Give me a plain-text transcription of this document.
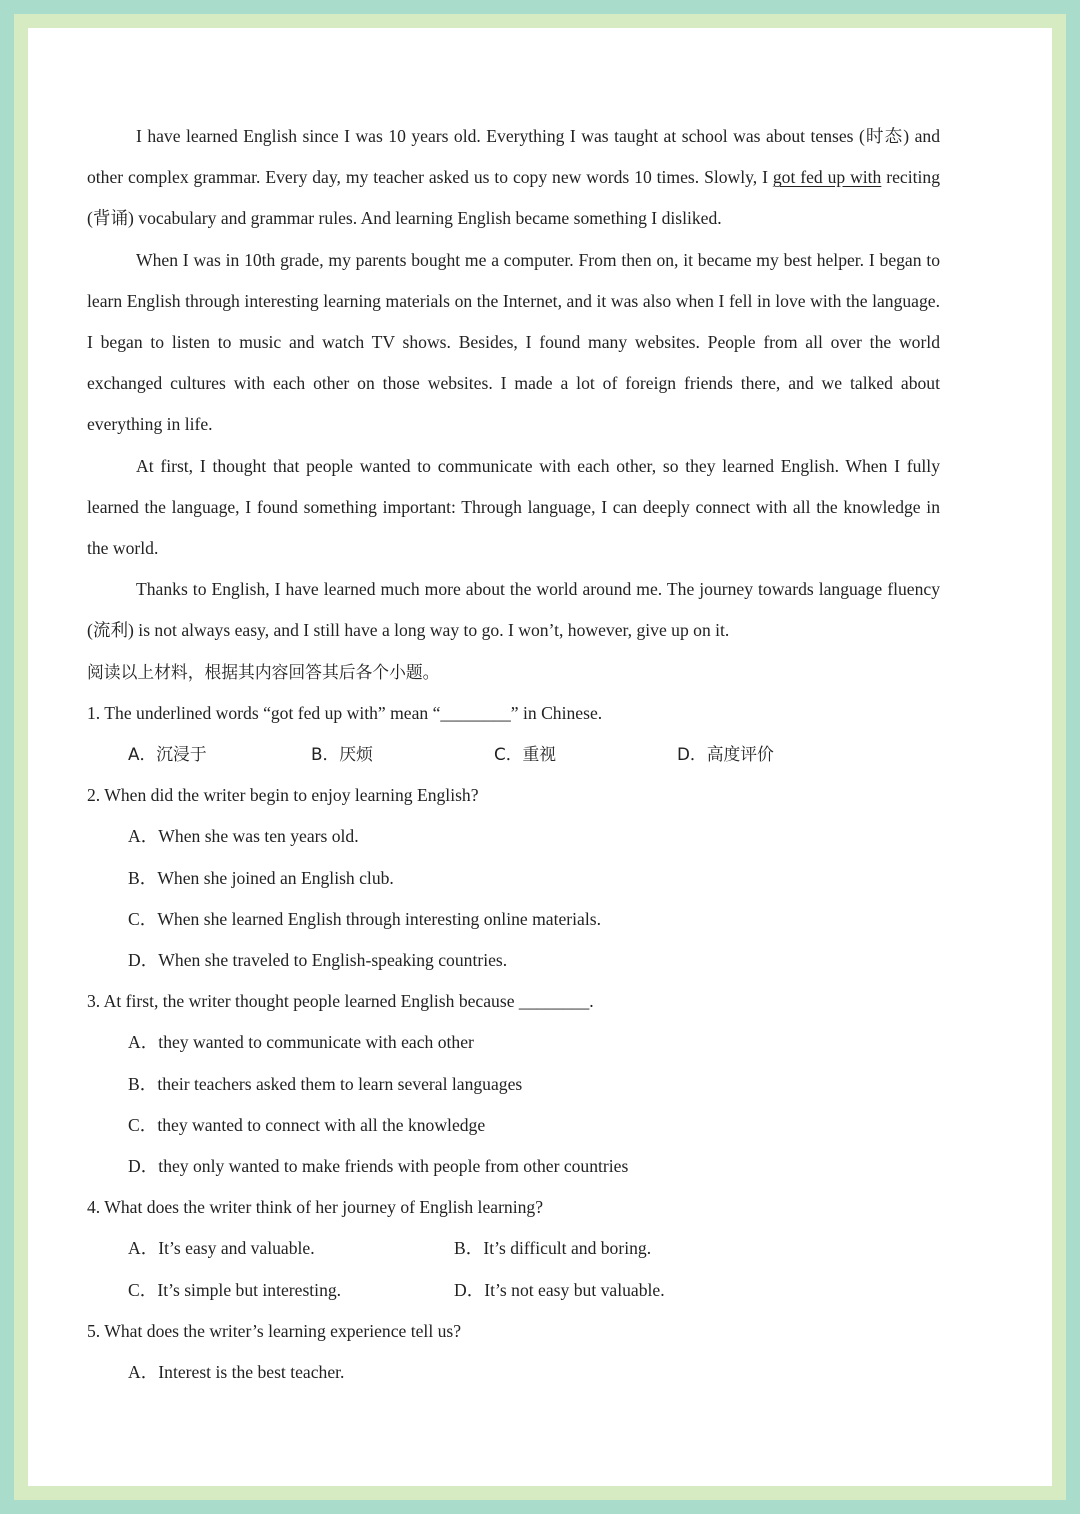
I have learned English since I was 10 years old. Everything I was taught at school was about tenses (时态) and other complex grammar. Every day, my teacher asked us to copy new words 10 times. Slowly, I got fed up with reciting (背诵) vocabulary and grammar rules. And learning English became something I disliked.

When I was in 10th grade, my parents bought me a computer. From then on, it became my best helper. I began to learn English through interesting learning materials on the Internet, and it was also when I fell in love with the language. I began to listen to music and watch TV shows. Besides, I found many websites. People from all over the world exchanged cultures with each other on those websites. I made a lot of foreign friends there, and we talked about everything in life.

At first, I thought that people wanted to communicate with each other, so they learned English. When I fully learned the language, I found something important: Through language, I can deeply connect with all the knowledge in the world.

Thanks to English, I have learned much more about the world around me. The journey towards language fluency (流利) is not always easy, and I still have a long way to go. I won’t, however, give up on it.

阅读以上材料，根据其内容回答其后各个小题。

1. The underlined words “got fed up with” mean “________” in Chinese.

A．沉浸于	B．厌烦	C．重视	D．高度评价

2. When did the writer begin to enjoy learning English?

A．When she was ten years old.

B．When she joined an English club.

C．When she learned English through interesting online materials.

D．When she traveled to English-speaking countries.

3. At first, the writer thought people learned English because ________.

A．they wanted to communicate with each other

B．their teachers asked them to learn several languages

C．they wanted to connect with all the knowledge

D．they only wanted to make friends with people from other countries

4. What does the writer think of her journey of English learning?

A．It’s easy and valuable.	B．It’s difficult and boring.
C．It’s simple but interesting.	D．It’s not easy but valuable.

5. What does the writer’s learning experience tell us?

A．Interest is the best teacher.
